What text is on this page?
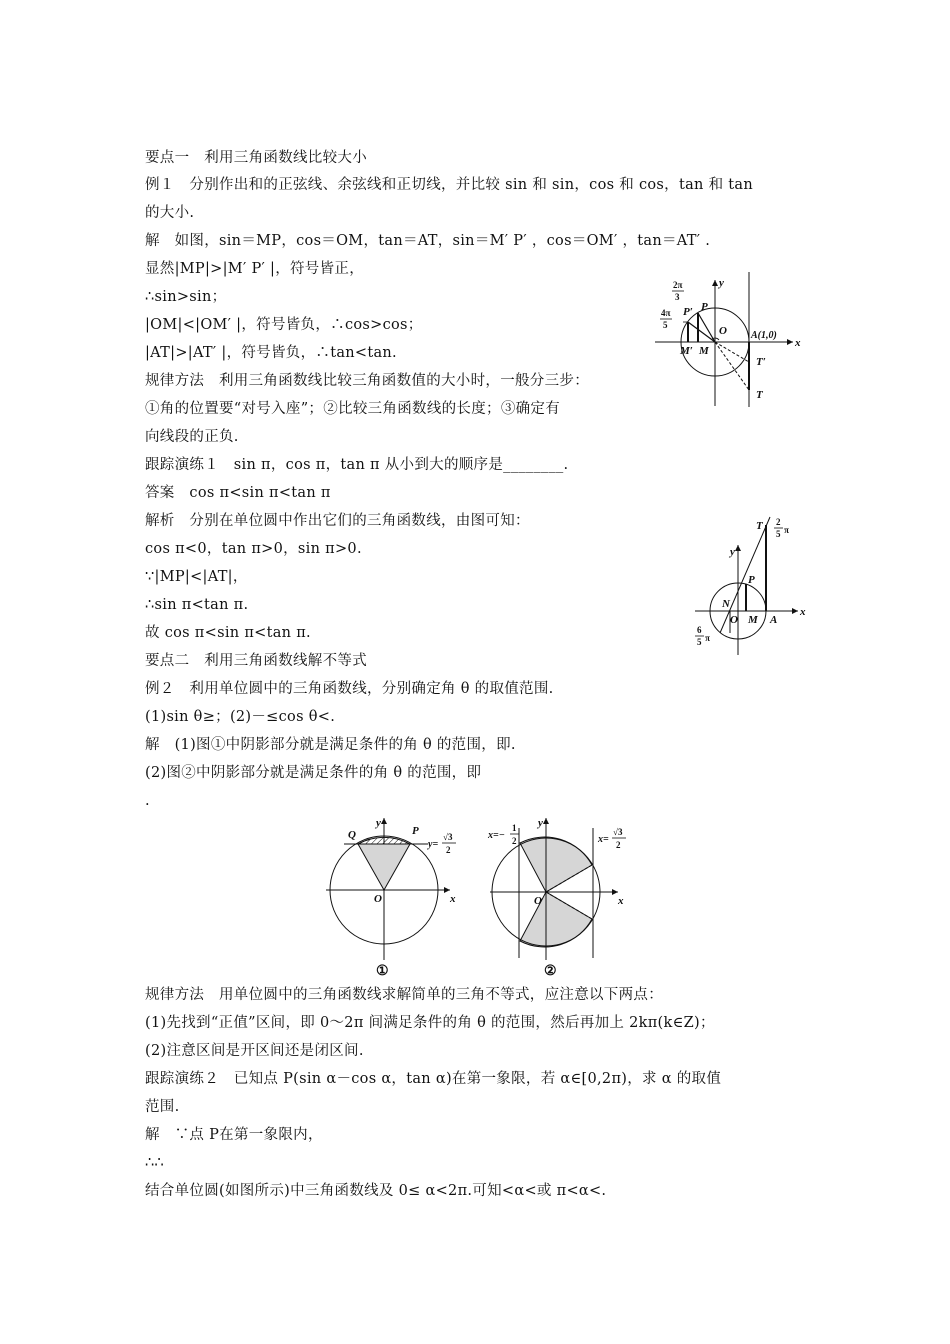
要点一　利用三角函数线比较大小
例１　分别作出和的正弦线、余弦线和正切线，并比较 sin 和 sin，cos 和 cos，tan 和 tan
的大小.
解　如图，sin＝MP，cos＝OM，tan＝AT，sin＝M′ P′ ，cos＝OM′ ，tan＝AT′ .
显然|MP|>|M′ P′ |，符号皆正，
∴sin>sin；
|OM|<|OM′ |，符号皆负，∴cos>cos；
|AT|>|AT′ |，符号皆负，∴tan<tan.
规律方法　利用三角函数线比较三角函数值的大小时，一般分三步：
①角的位置要“对号入座”；②比较三角函数线的长度；③确定有
向线段的正负.
跟踪演练１　sin π，cos π，tan π 从小到大的顺序是________.
答案　cos π<sin π<tan π
解析　分别在单位圆中作出它们的三角函数线，由图可知：
cos π<0，tan π>0，sin π>0.
∵|MP|<|AT|，
∴sin π<tan π.
故 cos π<sin π<tan π.
要点二　利用三角函数线解不等式
例２　利用单位圆中的三角函数线，分别确定角 θ 的取值范围.
(1)sin θ≥；(2)－≤cos θ<.
解　(1)图①中阴影部分就是满足条件的角 θ 的范围，即.
(2)图②中阴影部分就是满足条件的角 θ 的范围，即
.
规律方法　用单位圆中的三角函数线求解简单的三角不等式，应注意以下两点：
(1)先找到“正值”区间，即 0～2π 间满足条件的角 θ 的范围，然后再加上 2kπ(k∈Z)；
(2)注意区间是开区间还是闭区间.
跟踪演练２　已知点 P(sin α－cos α，tan α)在第一象限，若 α∈[0,2π)，求 α 的取值
范围.
解　∵点 P在第一象限内，
∴∴
结合单位圆(如图所示)中三角函数线及 0≤ α<2π.可知<α<或 π<α<.
y
x
O
P
P′
M
M′
A(1,0)
T′
T
2π
3
4π
5
y
x
O
P
M
N
A
T 2
5 π
6
5 π
y
x
O
Q	P
y=
√3
2
①
y
x
O
x=−
1
2	x=
√3
2
②
